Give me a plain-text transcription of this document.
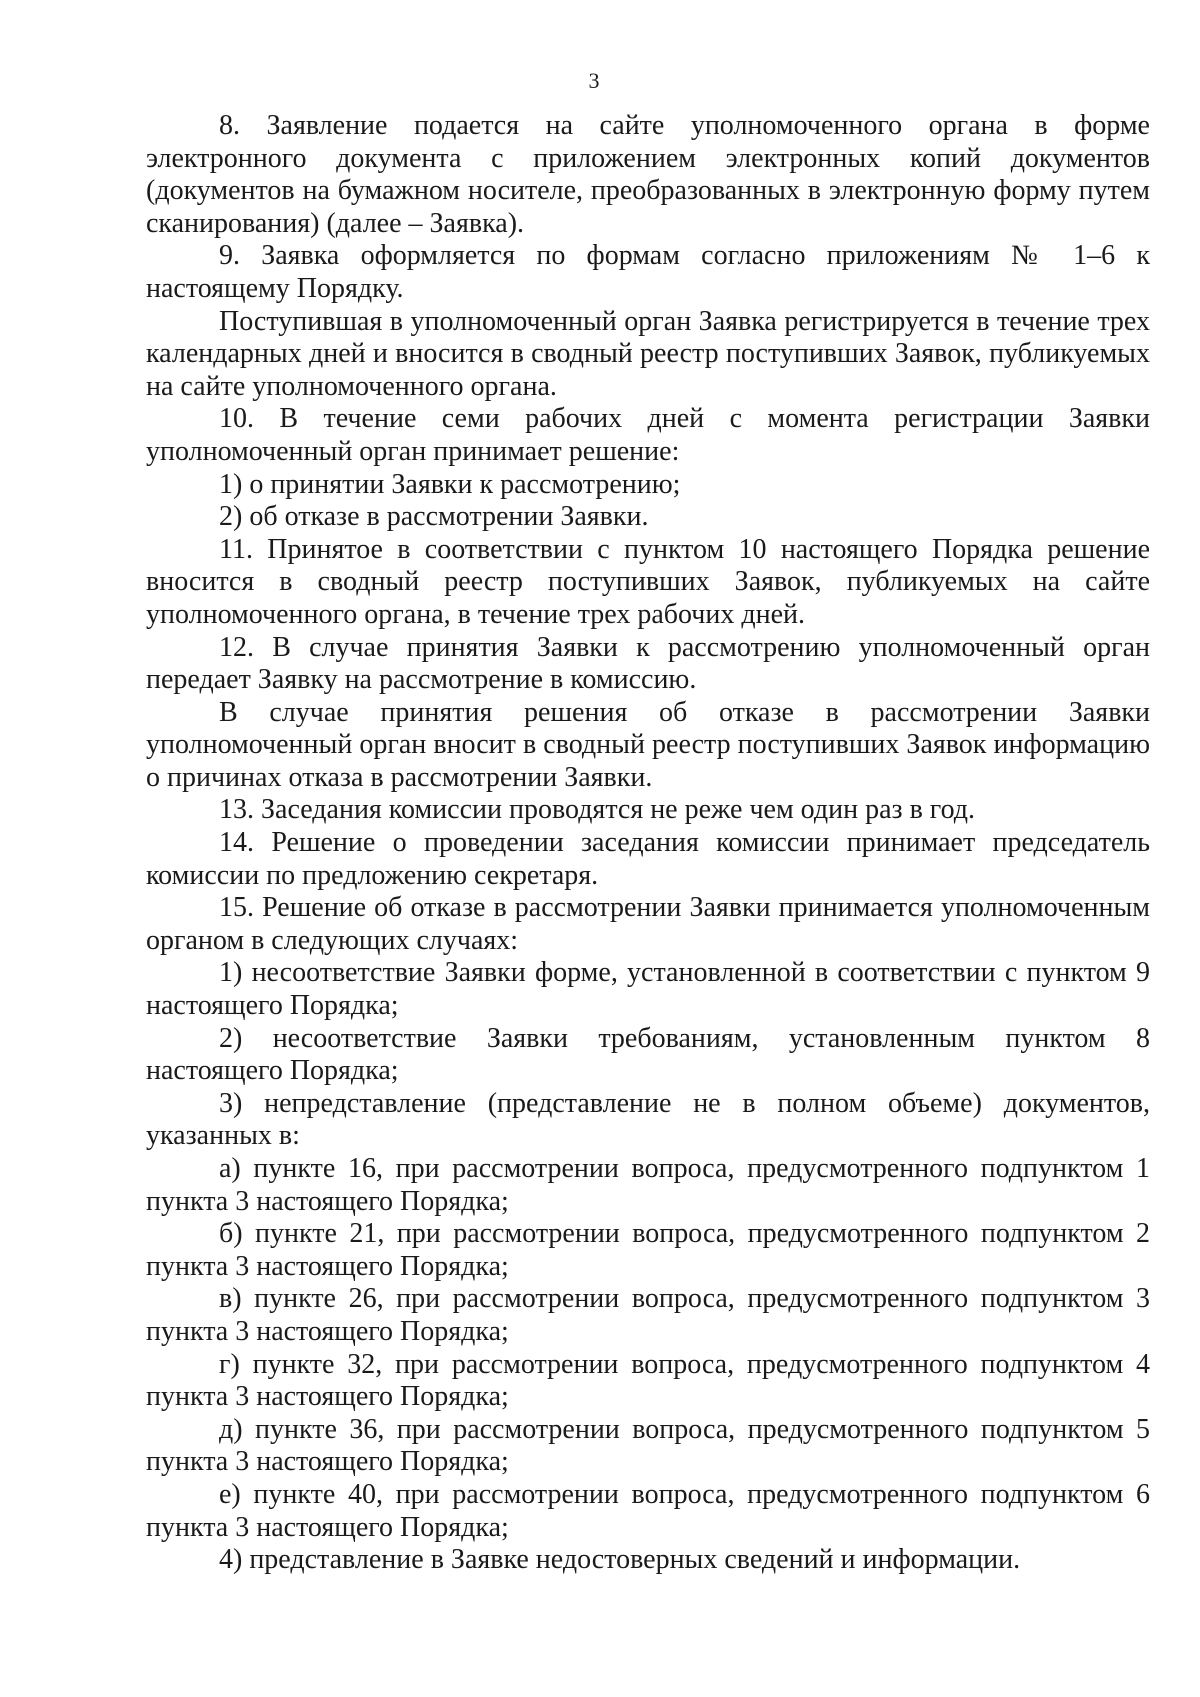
3

8. Заявление подается на сайте уполномоченного органа в форме электронного документа с приложением электронных копий документов (документов на бумажном носителе, преобразованных в электронную форму путем сканирования) (далее – Заявка).

9. Заявка оформляется по формам согласно приложениям № 1–6 к настоящему Порядку.

Поступившая в уполномоченный орган Заявка регистрируется в течение трех календарных дней и вносится в сводный реестр поступивших Заявок, публикуемых на сайте уполномоченного органа.

10. В течение семи рабочих дней с момента регистрации Заявки уполномоченный орган принимает решение:

1) о принятии Заявки к рассмотрению;

2) об отказе в рассмотрении Заявки.

11. Принятое в соответствии с пунктом 10 настоящего Порядка решение вносится в сводный реестр поступивших Заявок, публикуемых на сайте уполномоченного органа, в течение трех рабочих дней.

12. В случае принятия Заявки к рассмотрению уполномоченный орган передает Заявку на рассмотрение в комиссию.

В случае принятия решения об отказе в рассмотрении Заявки уполномоченный орган вносит в сводный реестр поступивших Заявок информацию о причинах отказа в рассмотрении Заявки.

13. Заседания комиссии проводятся не реже чем один раз в год.

14. Решение о проведении заседания комиссии принимает председатель комиссии по предложению секретаря.

15. Решение об отказе в рассмотрении Заявки принимается уполномоченным органом в следующих случаях:

1) несоответствие Заявки форме, установленной в соответствии с пунктом 9 настоящего Порядка;

2) несоответствие Заявки требованиям, установленным пунктом 8 настоящего Порядка;

3) непредставление (представление не в полном объеме) документов, указанных в:

а) пункте 16, при рассмотрении вопроса, предусмотренного подпунктом 1 пункта 3 настоящего Порядка;

б) пункте 21, при рассмотрении вопроса, предусмотренного подпунктом 2 пункта 3 настоящего Порядка;

в) пункте 26, при рассмотрении вопроса, предусмотренного подпунктом 3 пункта 3 настоящего Порядка;

г) пункте 32, при рассмотрении вопроса, предусмотренного подпунктом 4 пункта 3 настоящего Порядка;

д) пункте 36, при рассмотрении вопроса, предусмотренного подпунктом 5 пункта 3 настоящего Порядка;

е) пункте 40, при рассмотрении вопроса, предусмотренного подпунктом 6 пункта 3 настоящего Порядка;

4) представление в Заявке недостоверных сведений и информации.
